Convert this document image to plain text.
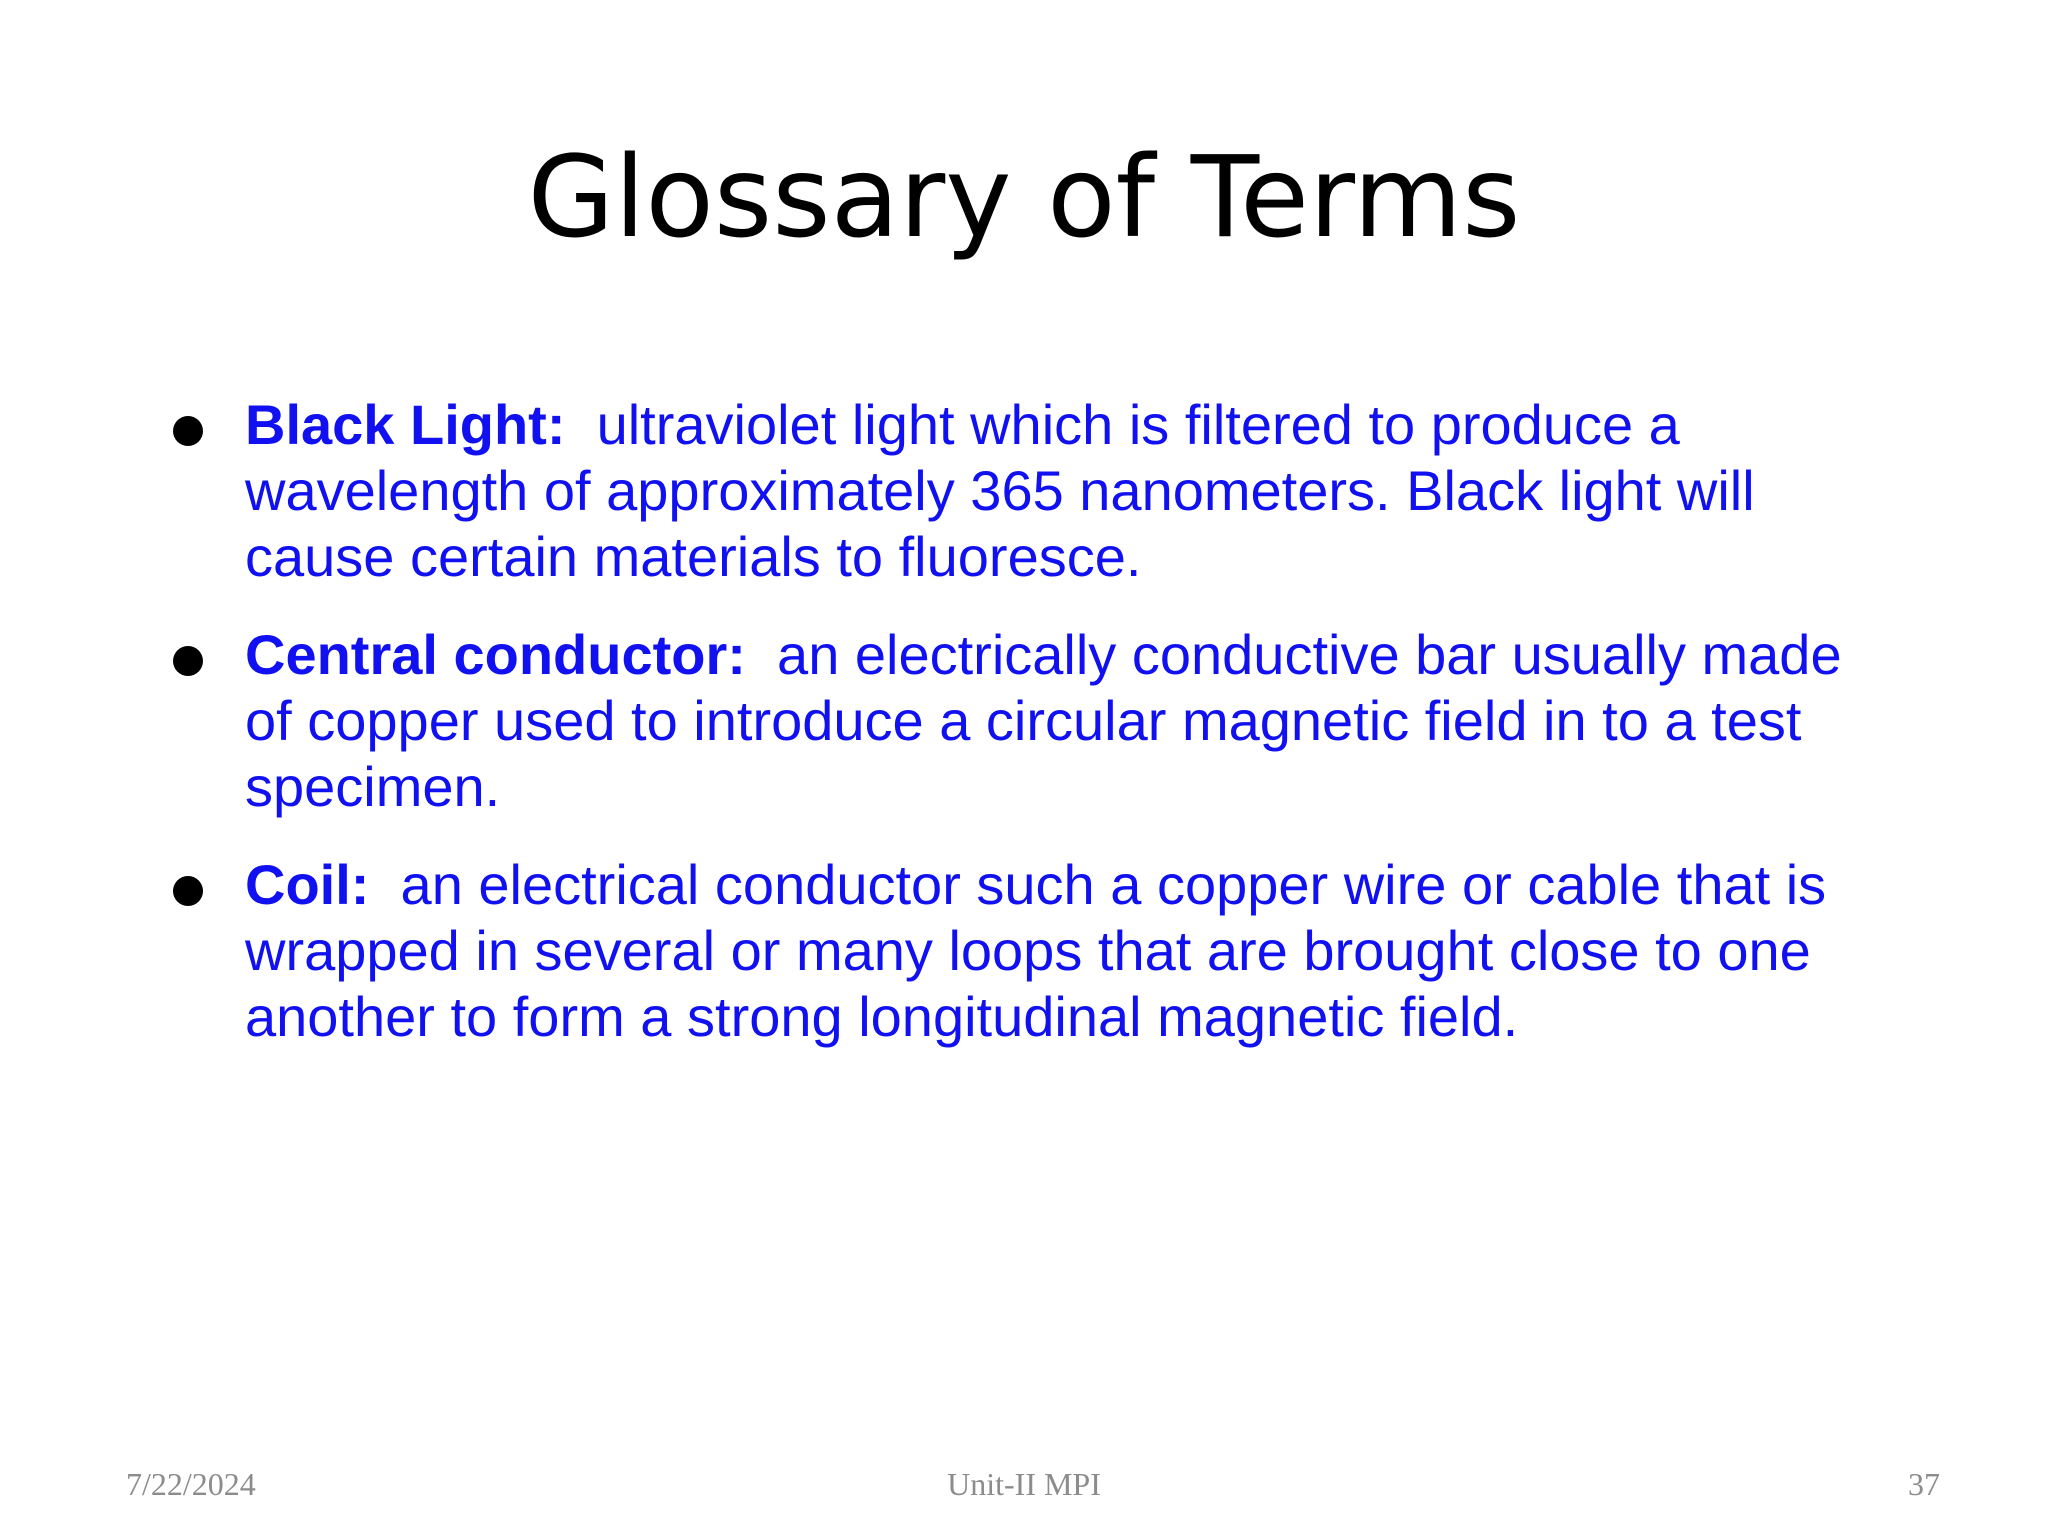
Glossary of Terms
Black Light: ultraviolet light which is filtered to produce a wavelength of approximately 365 nanometers. Black light will cause certain materials to fluoresce.
Central conductor: an electrically conductive bar usually made of copper used to introduce a circular magnetic field in to a test specimen.
Coil: an electrical conductor such a copper wire or cable that is wrapped in several or many loops that are brought close to one another to form a strong longitudinal magnetic field.
7/22/2024	Unit-II MPI	37
